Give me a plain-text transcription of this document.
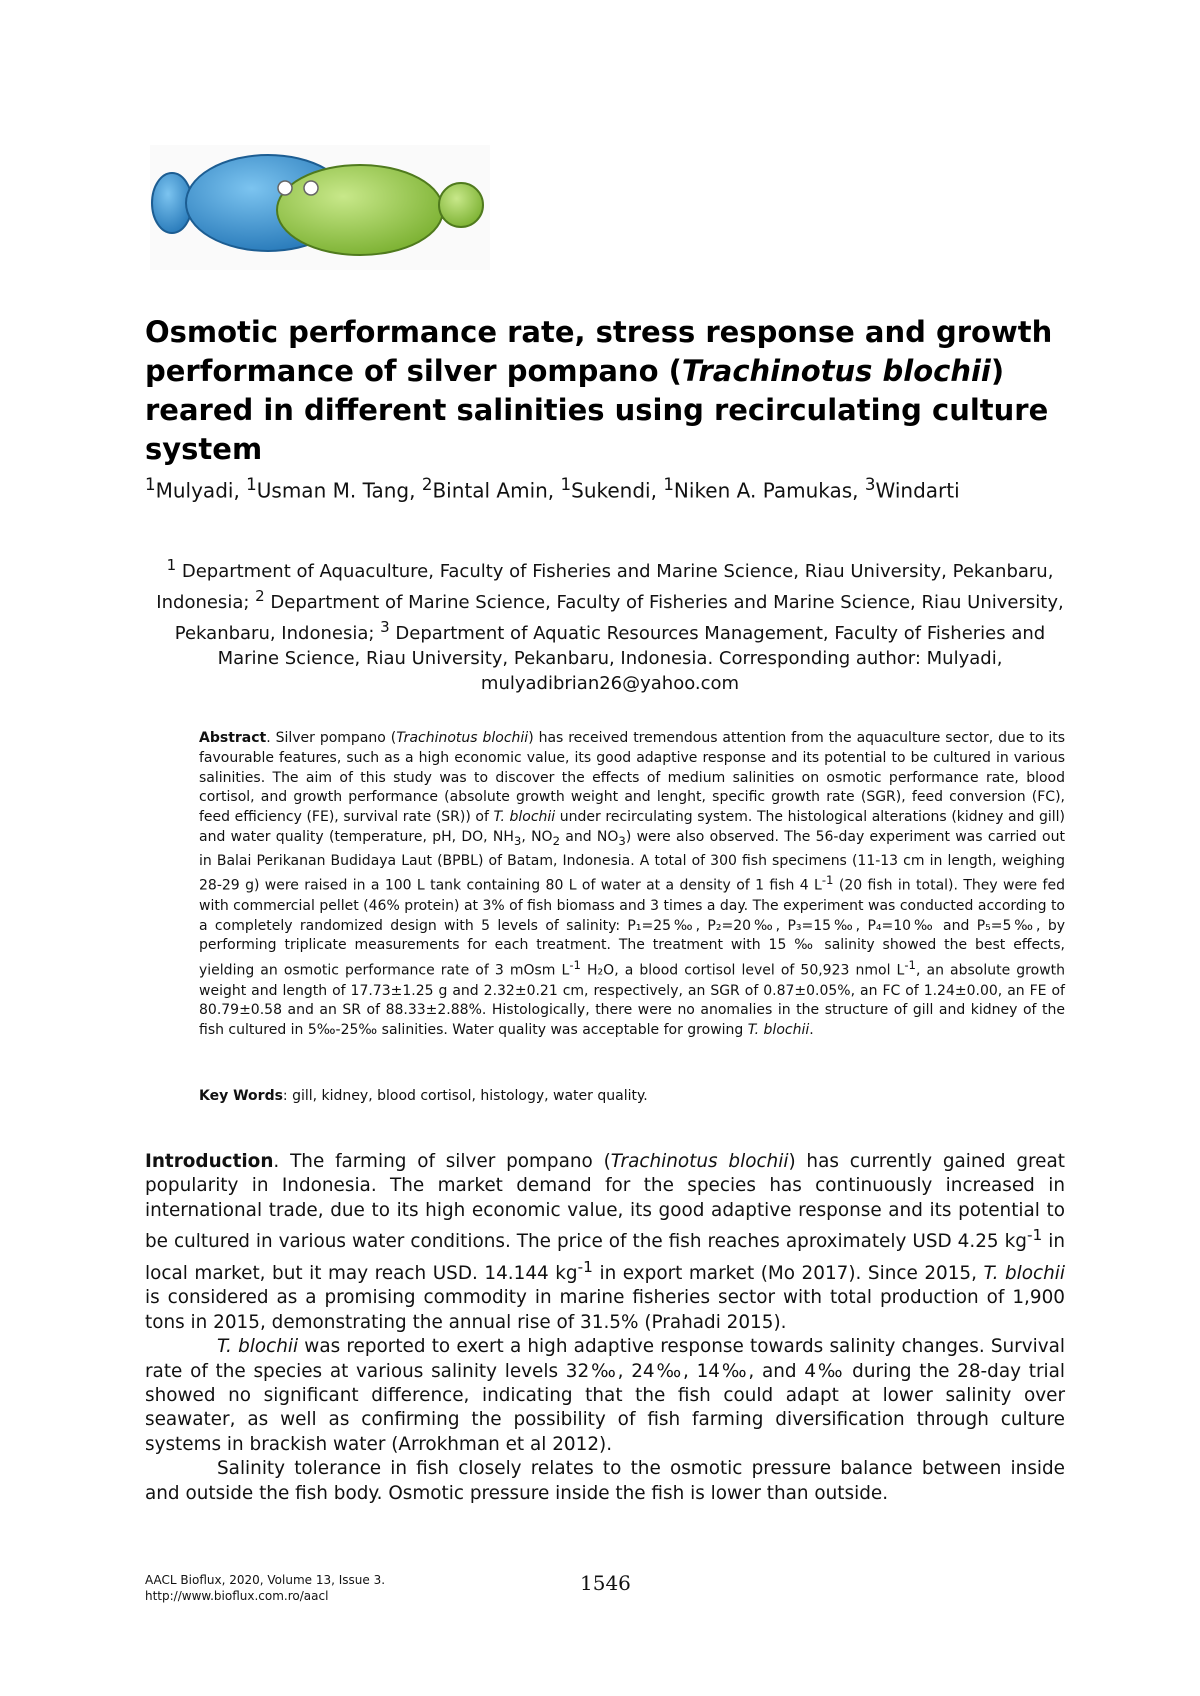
Osmotic performance rate, stress response and growth performance of silver pompano (Trachinotus blochii) reared in different salinities using recirculating culture system

$^1$Mulyadi, $^1$Usman M. Tang, $^2$Bintal Amin, $^1$Sukendi, $^1$Niken A. Pamukas, $^3$Windarti

$^1$ Department of Aquaculture, Faculty of Fisheries and Marine Science, Riau University, Pekanbaru, Indonesia; $^2$ Department of Marine Science, Faculty of Fisheries and Marine Science, Riau University, Pekanbaru, Indonesia; $^3$ Department of Aquatic Resources Management, Faculty of Fisheries and Marine Science, Riau University, Pekanbaru, Indonesia. Corresponding author: Mulyadi, mulyadibrian26@yahoo.com

Abstract. Silver pompano (Trachinotus blochii) has received tremendous attention from the aquaculture sector, due to its favourable features, such as a high economic value, its good adaptive response and its potential to be cultured in various salinities. The aim of this study was to discover the effects of medium salinities on osmotic performance rate, blood cortisol, and growth performance (absolute growth weight and lenght, specific growth rate (SGR), feed conversion (FC), feed efficiency (FE), survival rate (SR)) of T. blochii under recirculating system. The histological alterations (kidney and gill) and water quality (temperature, pH, DO, $NH_3$, $NO_2$ and $NO_3$) were also observed. The 56-day experiment was carried out in Balai Perikanan Budidaya Laut (BPBL) of Batam, Indonesia. A total of 300 fish specimens (11-13 cm in length, weighing 28-29 g) were raised in a 100 L tank containing 80 L of water at a density of 1 fish 4 $L^{-1}$ (20 fish in total). They were fed with commercial pellet (46% protein) at 3% of fish biomass and 3 times a day. The experiment was conducted according to a completely randomized design with 5 levels of salinity: P₁=25‰, P₂=20‰, P₃=15‰, P₄=10‰ and P₅=5‰, by performing triplicate measurements for each treatment. The treatment with 15 ‰ salinity showed the best effects, yielding an osmotic performance rate of 3 mOsm $L^{-1}$ H₂O, a blood cortisol level of 50,923 nmol $L^{-1}$, an absolute growth weight and length of 17.73±1.25 g and 2.32±0.21 cm, respectively, an SGR of 0.87±0.05%, an FC of 1.24±0.00, an FE of 80.79±0.58 and an SR of 88.33±2.88%. Histologically, there were no anomalies in the structure of gill and kidney of the fish cultured in 5‰-25‰ salinities. Water quality was acceptable for growing T. blochii.

Key Words: gill, kidney, blood cortisol, histology, water quality.

Introduction. The farming of silver pompano (Trachinotus blochii) has currently gained great popularity in Indonesia. The market demand for the species has continuously increased in international trade, due to its high economic value, its good adaptive response and its potential to be cultured in various water conditions. The price of the fish reaches aproximately USD 4.25 $kg^{-1}$ in local market, but it may reach USD. 14.144 $kg^{-1}$ in export market (Mo 2017). Since 2015, T. blochii is considered as a promising commodity in marine fisheries sector with total production of 1,900 tons in 2015, demonstrating the annual rise of 31.5% (Prahadi 2015).

T. blochii was reported to exert a high adaptive response towards salinity changes. Survival rate of the species at various salinity levels 32‰, 24‰, 14‰, and 4‰ during the 28-day trial showed no significant difference, indicating that the fish could adapt at lower salinity over seawater, as well as confirming the possibility of fish farming diversification through culture systems in brackish water (Arrokhman et al 2012).

Salinity tolerance in fish closely relates to the osmotic pressure balance between inside and outside the fish body. Osmotic pressure inside the fish is lower than outside.

AACL Bioflux, 2020, Volume 13, Issue 3.
http://www.bioflux.com.ro/aacl
1546
